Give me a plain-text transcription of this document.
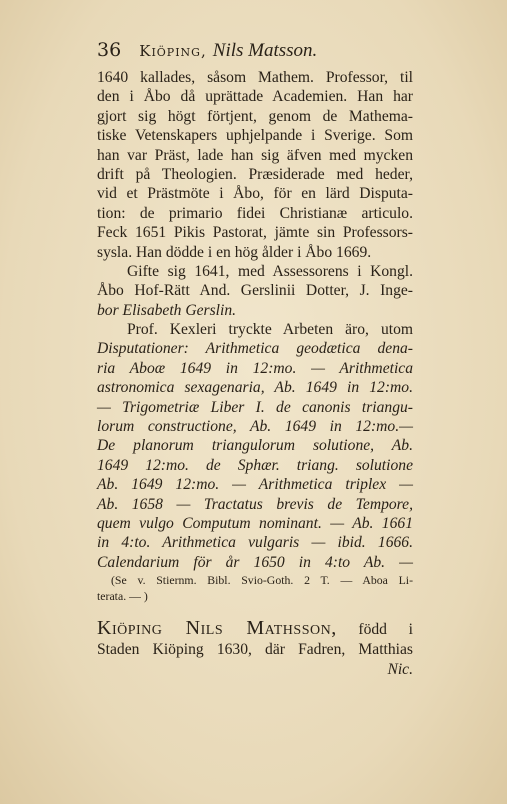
36 Kiöping, Nils Matsson.
1640 kallades, såsom Mathem. Professor, til
den i Åbo då uprättade Academien. Han har
gjort sig högt förtjent, genom de Mathema-
tiske Vetenskapers uphjelpande i Sverige. Som
han var Präst, lade han sig äfven med mycken
drift på Theologien. Præsiderade med heder,
vid et Prästmöte i Åbo, för en lärd Disputa-
tion: de primario fidei Christianæ articulo.
Feck 1651 Pikis Pastorat, jämte sin Professors-
sysla. Han dödde i en hög ålder i Åbo 1669.
Gifte sig 1641, med Assessorens i Kongl.
Åbo Hof-Rätt And. Gerslinii Dotter, J. Inge-
bor Elisabeth Gerslin.
Prof. Kexleri tryckte Arbeten äro, utom
Disputationer: Arithmetica geodætica dena-
ria Aboæ 1649 in 12:mo. — Arithmetica
astronomica sexagenaria, Ab. 1649 in 12:mo.
— Trigometriæ Liber I. de canonis triangu-
lorum constructione, Ab. 1649 in 12:mo.—
De planorum triangulorum solutione, Ab.
1649 12:mo. de Sphær. triang. solutione
Ab. 1649 12:mo. — Arithmetica triplex —
Ab. 1658 — Tractatus brevis de Tempore,
quem vulgo Computum nominant. — Ab. 1661
in 4:to. Arithmetica vulgaris — ibid. 1666.
Calendarium för år 1650 in 4:to Ab. —
(Se v. Stiernm. Bibl. Svio-Goth. 2 T. — Aboa Li-
terata. — )
Kiöping Nils Mathsson, född i
Staden Kiöping 1630, där Fadren, Matthias
Nic.
